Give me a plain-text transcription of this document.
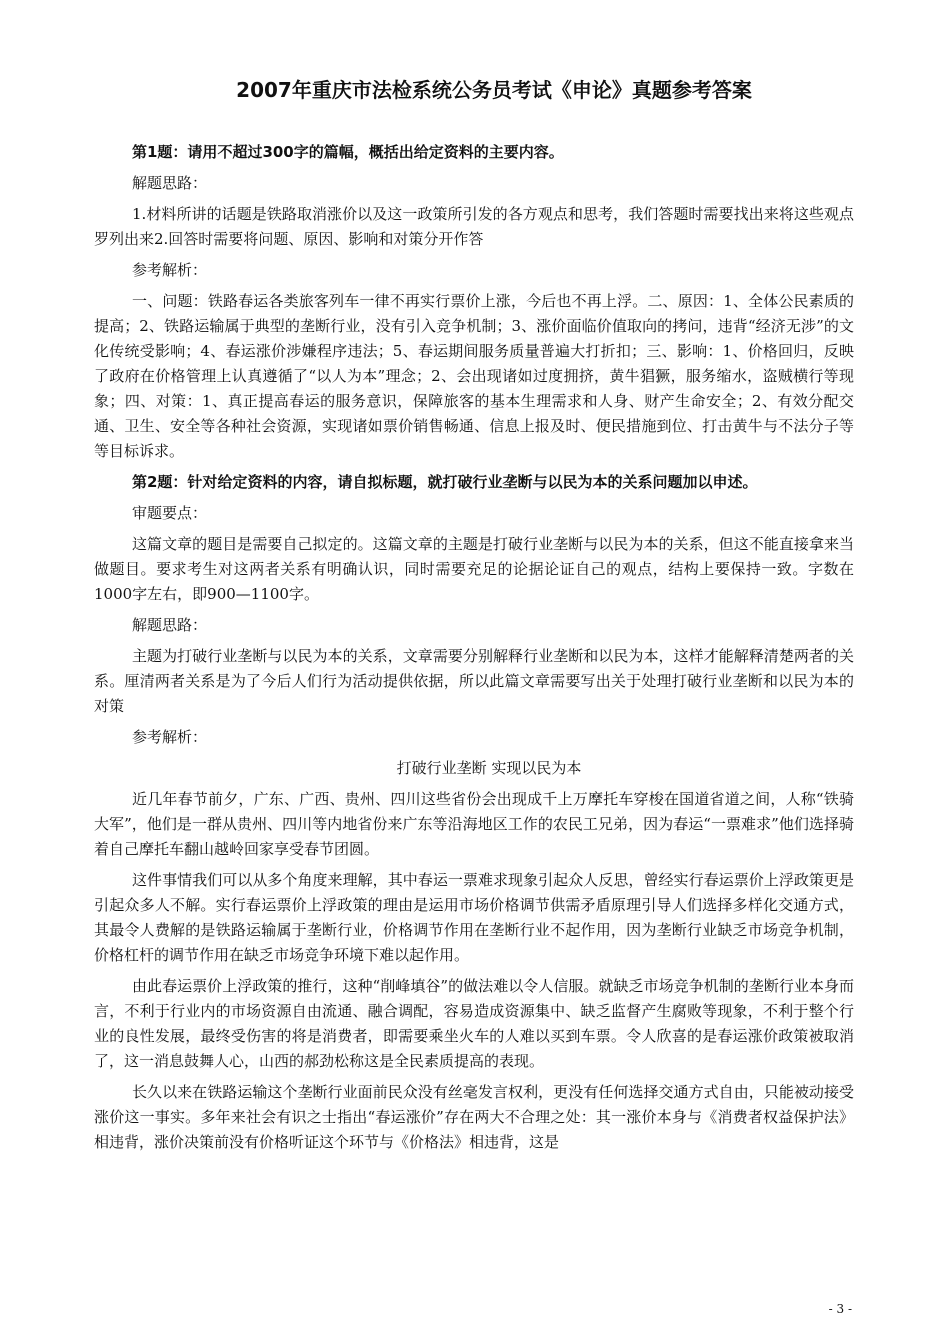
2007年重庆市法检系统公务员考试《申论》真题参考答案

第1题：请用不超过300字的篇幅，概括出给定资料的主要内容。

解题思路：

1.材料所讲的话题是铁路取消涨价以及这一政策所引发的各方观点和思考，我们答题时需要找出来将这些观点罗列出来2.回答时需要将问题、原因、影响和对策分开作答

参考解析：

一、问题：铁路春运各类旅客列车一律不再实行票价上涨，今后也不再上浮。二、原因：1、全体公民素质的提高；2、铁路运输属于典型的垄断行业，没有引入竞争机制；3、涨价面临价值取向的拷问，违背“经济无涉”的文化传统受影响；4、春运涨价涉嫌程序违法；5、春运期间服务质量普遍大打折扣；三、影响：1、价格回归，反映了政府在价格管理上认真遵循了“以人为本”理念；2、会出现诸如过度拥挤，黄牛猖獗，服务缩水，盗贼横行等现象；四、对策：1、真正提高春运的服务意识，保障旅客的基本生理需求和人身、财产生命安全；2、有效分配交通、卫生、安全等各种社会资源，实现诸如票价销售畅通、信息上报及时、便民措施到位、打击黄牛与不法分子等等目标诉求。

第2题：针对给定资料的内容，请自拟标题，就打破行业垄断与以民为本的关系问题加以申述。

审题要点：

这篇文章的题目是需要自己拟定的。这篇文章的主题是打破行业垄断与以民为本的关系，但这不能直接拿来当做题目。要求考生对这两者关系有明确认识，同时需要充足的论据论证自己的观点，结构上要保持一致。字数在1000字左右，即900—1100字。

解题思路：

主题为打破行业垄断与以民为本的关系，文章需要分别解释行业垄断和以民为本，这样才能解释清楚两者的关系。厘清两者关系是为了今后人们行为活动提供依据，所以此篇文章需要写出关于处理打破行业垄断和以民为本的对策

参考解析：

打破行业垄断 实现以民为本

近几年春节前夕，广东、广西、贵州、四川这些省份会出现成千上万摩托车穿梭在国道省道之间，人称“铁骑大军”，他们是一群从贵州、四川等内地省份来广东等沿海地区工作的农民工兄弟，因为春运“一票难求”他们选择骑着自己摩托车翻山越岭回家享受春节团圆。

这件事情我们可以从多个角度来理解，其中春运一票难求现象引起众人反思，曾经实行春运票价上浮政策更是引起众多人不解。实行春运票价上浮政策的理由是运用市场价格调节供需矛盾原理引导人们选择多样化交通方式，其最令人费解的是铁路运输属于垄断行业，价格调节作用在垄断行业不起作用，因为垄断行业缺乏市场竞争机制，价格杠杆的调节作用在缺乏市场竞争环境下难以起作用。

由此春运票价上浮政策的推行，这种“削峰填谷”的做法难以令人信服。就缺乏市场竞争机制的垄断行业本身而言，不利于行业内的市场资源自由流通、融合调配，容易造成资源集中、缺乏监督产生腐败等现象，不利于整个行业的良性发展，最终受伤害的将是消费者，即需要乘坐火车的人难以买到车票。令人欣喜的是春运涨价政策被取消了，这一消息鼓舞人心，山西的郝劲松称这是全民素质提高的表现。

长久以来在铁路运输这个垄断行业面前民众没有丝毫发言权利，更没有任何选择交通方式自由，只能被动接受涨价这一事实。多年来社会有识之士指出“春运涨价”存在两大不合理之处：其一涨价本身与《消费者权益保护法》相违背，涨价决策前没有价格听证这个环节与《价格法》相违背，这是

- 3 -
